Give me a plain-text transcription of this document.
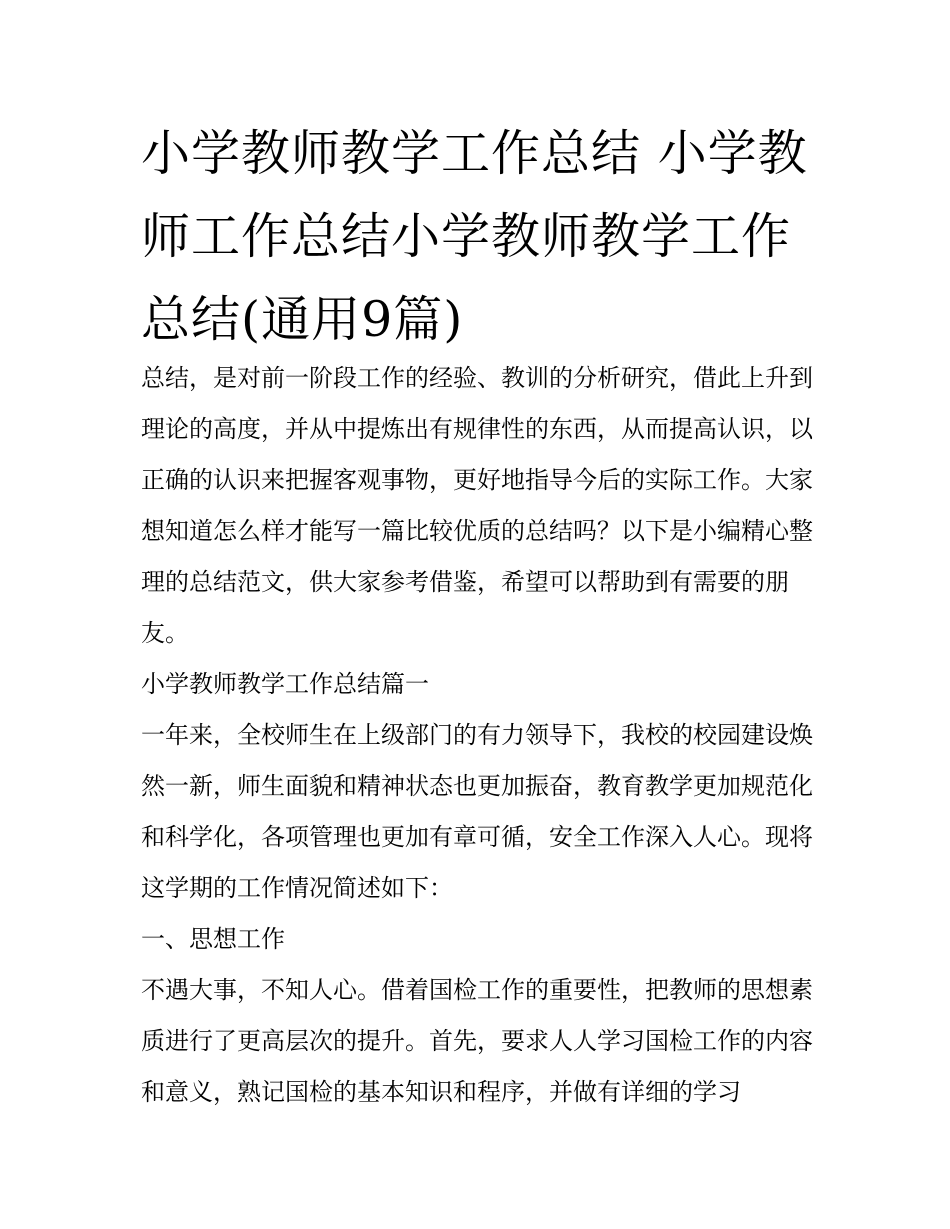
小学教师教学工作总结 小学教师工作总结小学教师教学工作总结(通用9篇)

总结，是对前一阶段工作的经验、教训的分析研究，借此上升到理论的高度，并从中提炼出有规律性的东西，从而提高认识，以正确的认识来把握客观事物，更好地指导今后的实际工作。大家想知道怎么样才能写一篇比较优质的总结吗？以下是小编精心整理的总结范文，供大家参考借鉴，希望可以帮助到有需要的朋友。

小学教师教学工作总结篇一

一年来，全校师生在上级部门的有力领导下，我校的校园建设焕然一新，师生面貌和精神状态也更加振奋，教育教学更加规范化和科学化，各项管理也更加有章可循，安全工作深入人心。现将这学期的工作情况简述如下：

一、思想工作

不遇大事，不知人心。借着国检工作的重要性，把教师的思想素质进行了更高层次的提升。首先，要求人人学习国检工作的内容和意义，熟记国检的基本知识和程序，并做有详细的学习
